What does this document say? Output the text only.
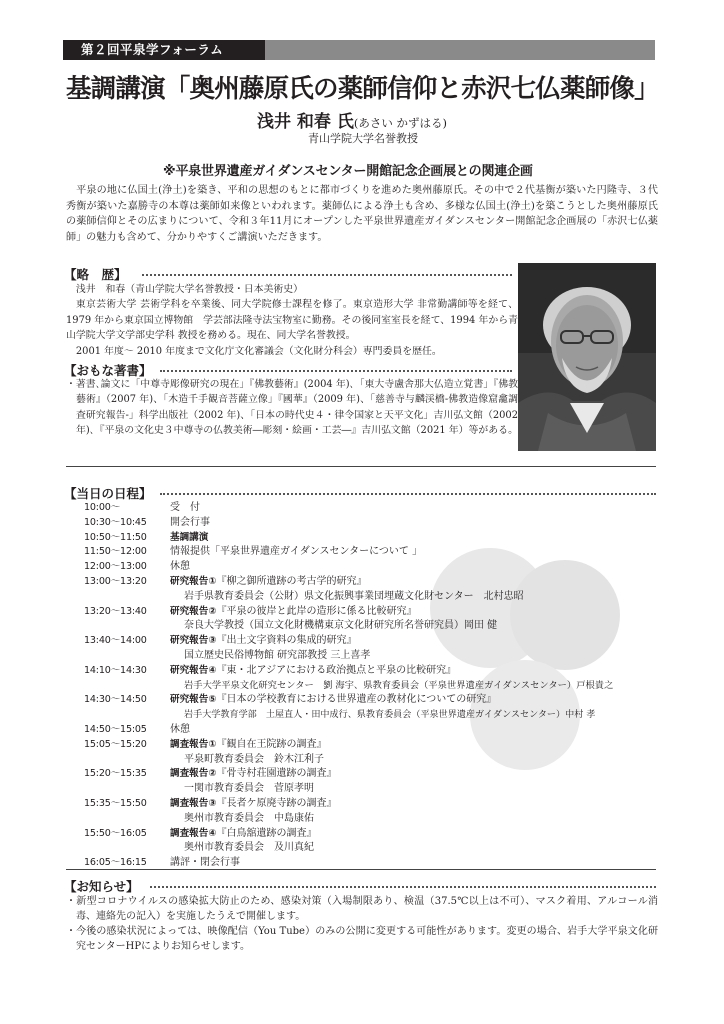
第２回平泉学フォーラム
基調講演「奥州藤原氏の薬師信仰と赤沢七仏薬師像」
浅井 和春 氏(あさい かずはる)
青山学院大学名誉教授
※平泉世界遺産ガイダンスセンター開館記念企画展との関連企画
平泉の地に仏国土(浄土)を築き、平和の思想のもとに都市づくりを進めた奥州藤原氏。その中で２代基衡が築いた円隆寺、３代秀衡が築いた嘉勝寺の本尊は薬師如来像といわれます。薬師仏による浄土も含め、多様な仏国土(浄土)を築こうとした奥州藤原氏の薬師信仰とその広まりについて、令和３年11月にオープンした平泉世界遺産ガイダンスセンター開館記念企画展の「赤沢七仏薬師」の魅力も含めて、分かりやすくご講演いただきます。
【略　歴】

浅井　和春（青山学院大学名誉教授・日本美術史）

東京芸術大学 芸術学科を卒業後、同大学院修士課程を修了。東京造形大学 非常勤講師等を経て、1979 年から東京国立博物館　学芸部法隆寺法宝物室に勤務。その後同室室長を経て、1994 年から青山学院大学文学部史学科 教授を務める。現在、同大学名誉教授。

2001 年度～ 2010 年度まで文化庁文化審議会（文化財分科会）専門委員を歴任。

【おもな著書】
・著書､論文に「中尊寺彫像研究の現在」『佛教藝術』(2004 年)､「東大寺盧舎那大仏造立覚書」『佛教藝術』（2007 年)、「木造千手観音菩薩立像」『國華』（2009 年)、「慈善寺与麟渓橋-佛教造像窟龕調査研究報告-」科学出版社（2002 年)、「日本の時代史４・律令国家と天平文化」吉川弘文館（2002 年)､『平泉の文化史３中尊寺の仏教美術―彫刻・絵画・工芸―』吉川弘文館（2021 年）等がある。
【当日の日程】
10:00～	受　付
10:30～10:45 開会行事
10:50～11:50 基調講演
11:50～12:00 情報提供「平泉世界遺産ガイダンスセンターについて 」
12:00～13:00 休憩
13:00～13:20 研究報告①『柳之御所遺跡の考古学的研究』
岩手県教育委員会（公財）県文化振興事業団埋蔵文化財センター　北村忠昭
13:20～13:40 研究報告②『平泉の彼岸と此岸の造形に係る比較研究』
奈良大学教授（国立文化財機構東京文化財研究所名誉研究員）岡田 健
13:40～14:00 研究報告③『出土文字資料の集成的研究』
国立歴史民俗博物館 研究部教授 三上喜孝
14:10～14:30 研究報告④『東・北アジアにおける政治拠点と平泉の比較研究』
岩手大学平泉文化研究センター　劉 海宇、県教育委員会（平泉世界遺産ガイダンスセンター）戸根貴之
14:30～14:50 研究報告⑤『日本の学校教育における世界遺産の教材化についての研究』
岩手大学教育学部　土屋直人・田中成行、県教育委員会（平泉世界遺産ガイダンスセンター）中村 孝
14:50～15:05 休憩
15:05～15:20 調査報告①『観自在王院跡の調査』
平泉町教育委員会　鈴木江利子
15:20～15:35 調査報告②『骨寺村荘園遺跡の調査』
一関市教育委員会　菅原孝明
15:35～15:50 調査報告③『長者ケ原廃寺跡の調査』
奥州市教育委員会　中島康佑
15:50～16:05 調査報告④『白鳥舘遺跡の調査』
奥州市教育委員会　及川真紀
16:05～16:15 講評・閉会行事
【お知らせ】
・新型コロナウイルスの感染拡大防止のため、感染対策（入場制限あり、検温（37.5℃以上は不可）、マスク着用、アルコール消毒、連絡先の記入）を実施したうえで開催します。
・今後の感染状況によっては、映像配信（You Tube）のみの公開に変更する可能性があります。変更の場合、岩手大学平泉文化研究センターHPによりお知らせします。
